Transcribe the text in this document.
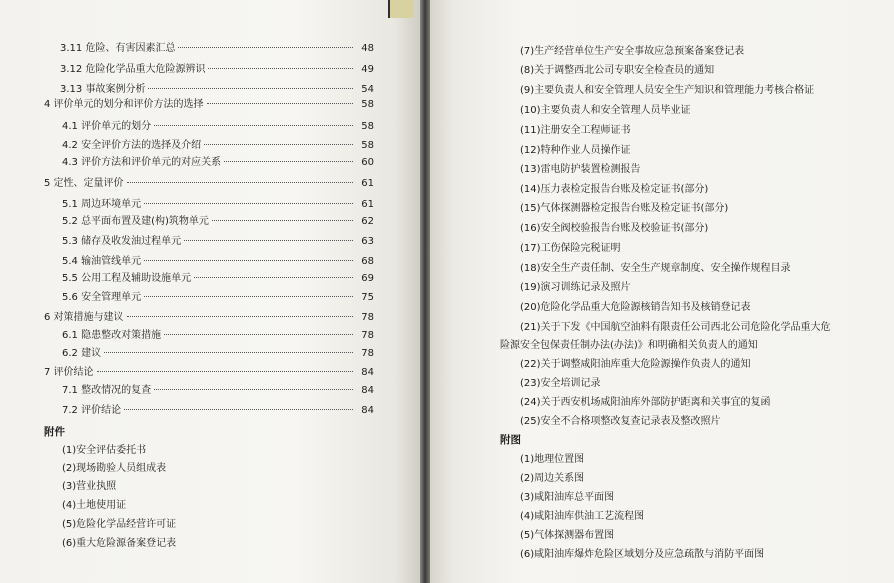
3.11 危险、有害因素汇总	48
3.12 危险化学品重大危险源辨识	49
3.13 事故案例分析	54
4 评价单元的划分和评价方法的选择	58
4.1 评价单元的划分	58
4.2 安全评价方法的选择及介绍	58
4.3 评价方法和评价单元的对应关系	60
5 定性、定量评价	61
5.1 周边环境单元	61
5.2 总平面布置及建(构)筑物单元	62
5.3 储存及收发油过程单元	63
5.4 输油管线单元	68
5.5 公用工程及辅助设施单元	69
5.6 安全管理单元	75
6 对策措施与建议	78
6.1 隐患整改对策措施	78
6.2 建议	78
7 评价结论	84
7.1 整改情况的复查	84
7.2 评价结论	84
附件
(1)安全评估委托书
(2)现场勘验人员组成表
(3)营业执照
(4)土地使用证
(5)危险化学品经营许可证
(6)重大危险源备案登记表
(7)生产经营单位生产安全事故应急预案备案登记表
(8)关于调整西北公司专职安全检查员的通知
(9)主要负责人和安全管理人员安全生产知识和管理能力考核合格证
(10)主要负责人和安全管理人员毕业证
(11)注册安全工程师证书
(12)特种作业人员操作证
(13)雷电防护装置检测报告
(14)压力表检定报告台账及检定证书(部分)
(15)气体探测器检定报告台账及检定证书(部分)
(16)安全阀校验报告台账及校验证书(部分)
(17)工伤保险完税证明
(18)安全生产责任制、安全生产规章制度、安全操作规程目录
(19)演习训练记录及照片
(20)危险化学品重大危险源核销告知书及核销登记表
(21)关于下发《中国航空油料有限责任公司西北公司危险化学品重大危
险源安全包保责任制办法(办法)》和明确相关负责人的通知
(22)关于调整咸阳油库重大危险源操作负责人的通知
(23)安全培训记录
(24)关于西安机场咸阳油库外部防护距离和关事宜的复函
(25)安全不合格项整改复查记录表及整改照片
附图
(1)地理位置图
(2)周边关系图
(3)咸阳油库总平面图
(4)咸阳油库供油工艺流程图
(5)气体探测器布置图
(6)咸阳油库爆炸危险区域划分及应急疏散与消防平面图
